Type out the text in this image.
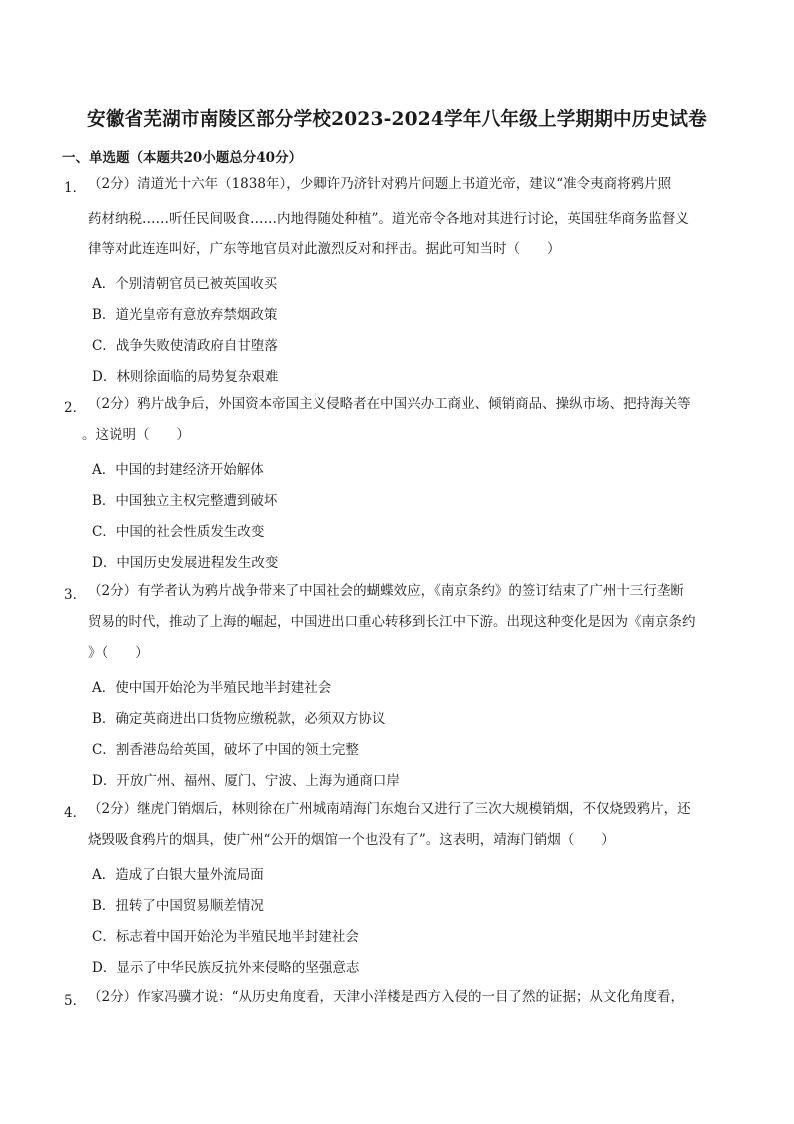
安徽省芜湖市南陵区部分学校2023-2024学年八年级上学期期中历史试卷
一、单选题（本题共20小题总分40分）
1． （2分）清道光十六年（1838年），少卿许乃济针对鸦片问题上书道光帝，建议“准令夷商将鸦片照
药材纳税……听任民间吸食……内地得随处种植”。道光帝令各地对其进行讨论，英国驻华商务监督义
律等对此连连叫好，广东等地官员对此激烈反对和抨击。据此可知当时（　　）
A．个别清朝官员已被英国收买
B．道光皇帝有意放弃禁烟政策
C．战争失败使清政府自甘堕落
D．林则徐面临的局势复杂艰难
2． （2分）鸦片战争后，外国资本帝国主义侵略者在中国兴办工商业、倾销商品、操纵市场、把持海关等
。这说明（　　）
A．中国的封建经济开始解体
B．中国独立主权完整遭到破坏
C．中国的社会性质发生改变
D．中国历史发展进程发生改变
3． （2分）有学者认为鸦片战争带来了中国社会的蝴蝶效应，《南京条约》的签订结束了广州十三行垄断
贸易的时代，推动了上海的崛起，中国进出口重心转移到长江中下游。出现这种变化是因为《南京条约
》（　　）
A．使中国开始沦为半殖民地半封建社会
B．确定英商进出口货物应缴税款，必须双方协议
C．割香港岛给英国，破坏了中国的领土完整
D．开放广州、福州、厦门、宁波、上海为通商口岸
4． （2分）继虎门销烟后，林则徐在广州城南靖海门东炮台又进行了三次大规模销烟，不仅烧毁鸦片，还
烧毁吸食鸦片的烟具，使广州“公开的烟馆一个也没有了”。这表明，靖海门销烟（　　）
A．造成了白银大量外流局面
B．扭转了中国贸易顺差情况
C．标志着中国开始沦为半殖民地半封建社会
D．显示了中华民族反抗外来侵略的坚强意志
5． （2分）作家冯骥才说：“从历史角度看，天津小洋楼是西方入侵的一目了然的证据；从文化角度看，
